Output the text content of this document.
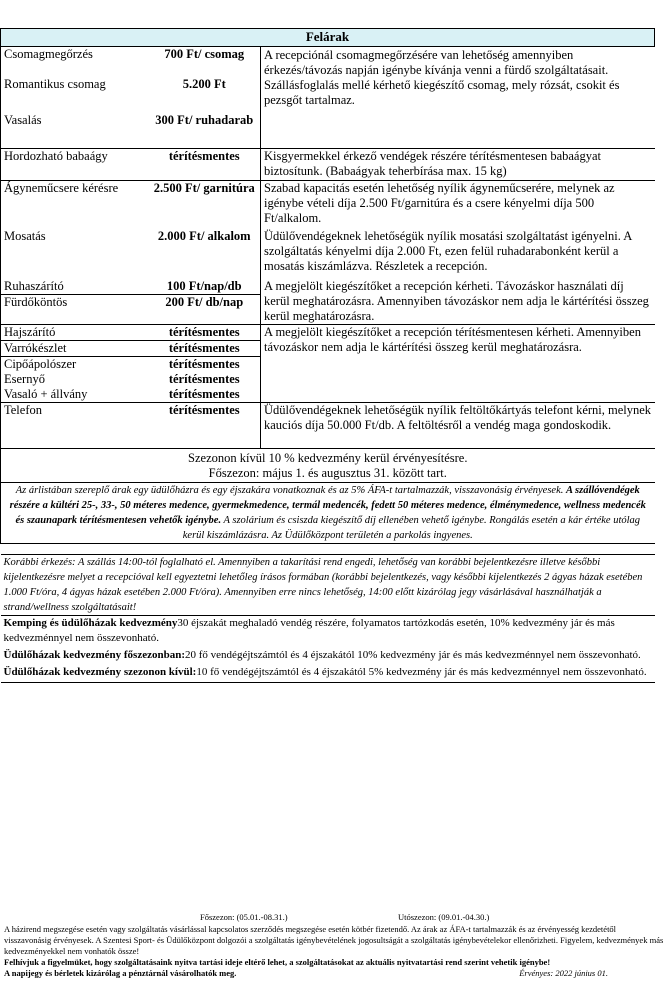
Felárak		
Csomagmegőrzés	700 Ft/ csomag	A recepciónál csomagmegőrzésére van lehetőség amennyiben érkezés/távozás napján igénybe kívánja venni a fürdő szolgáltatásait.
Szállásfoglalás mellé kérhető kiegészítő csomag, mely rózsát, csokit és pezsgőt tartalmaz.

Romantikus csomag	5.200 Ft	
Vasalás	300 Ft/ ruhadarab	
Hordozható babaágy	térítésmentes	Kisgyermekkel érkező vendégek részére térítésmentesen babaágyat biztosítunk. (Babaágyak teherbírása max. 15 kg)
Ágyneműcsere kérésre	2.500 Ft/ garnitúra	Szabad kapacitás esetén lehetőség nyílik ágyneműcserére, melynek az igénybe vételi díja 2.500 Ft/garnitúra és a csere kényelmi díja 500 Ft/alkalom.
Mosatás	2.000 Ft/ alkalom	Üdülővendégeknek lehetőségük nyílik mosatási szolgáltatást igényelni. A szolgáltatás kényelmi díja 2.000 Ft, ezen felül ruhadarabonként kerül a mosatás kiszámlázva. Részletek a recepción.
Ruhaszárító	100 Ft/nap/db	A megjelölt kiegészítőket a recepción kérheti. Távozáskor használati díj kerül meghatározásra. Amennyiben távozáskor nem adja le kártérítési összeg kerül meghatározásra.
Fürdőköntös	200 Ft/ db/nap	
Hajszárító	térítésmentes	A megjelölt kiegészítőket a recepción térítésmentesen kérheti. Amennyiben távozáskor nem adja le kártérítési összeg kerül meghatározásra.
Varrókészlet	térítésmentes	
Cipőápolószer	térítésmentes	
Esernyő	térítésmentes	
Vasaló + állvány	térítésmentes	
Telefon	térítésmentes	Üdülővendégeknek lehetőségük nyílik feltöltőkártyás telefont kérni, melynek kauciós díja 50.000 Ft/db. A feltöltésről a vendég maga gondoskodik.

Szezonon kívül 10 % kedvezmény kerül érvényesítésre.
Főszezon: május 1. és augusztus 31. között tart.		

Az árlistában szereplő árak egy üdülőházra és egy éjszakára vonatkoznak és az 5% ÁFA-t tartalmazzák, visszavonásig érvényesek. A szállóvendégek részére a kültéri 25-, 33-, 50 méteres medence, gyermekmedence, termál medencék, fedett 50 méteres medence, élménymedence, wellness medencék és szaunapark térítésmentesen vehetők igénybe. A szolárium és csiszda kiegészítő díj ellenében vehető igénybe. Rongálás esetén a kár értéke utólag kerül kiszámlázásra. Az Üdülőközpont területén a parkolás ingyenes.		

Korábbi érkezés: A szállás 14:00-tól foglalható el. Amennyiben a takarítási rend engedi, lehetőség van korábbi bejelentkezésre illetve későbbi kijelentkezésre melyet a recepcióval kell egyeztetni lehetőleg írásos formában (korábbi bejelentkezés, vagy későbbi kijelentkezés 2 ágyas házak esetében 1.000 Ft/óra, 4 ágyas házak esetében 2.000 Ft/óra). Amennyiben erre nincs lehetőség, 14:00 előtt kizárólag jegy vásárlásával használhatják a strand/wellness szolgáltatásait!		

Kemping és üdülőházak kedvezmény30 éjszakát meghaladó vendég részére, folyamatos tartózkodás esetén, 10% kedvezmény jár és más kedvezménnyel nem összevonható.

Üdülőházak kedvezmény főszezonban:20 fő vendégéjtszámtól és 4 éjszakától 10% kedvezmény jár és más kedvezménnyel nem összevonható.

Üdülőházak kedvezmény szezonon kívül:10 fő vendégéjtszámtól és 4 éjszakától 5% kedvezmény jár és más kedvezménnyel nem összevonható.		

Főszezon: (05.01.-08.31.)	Utószezon: (09.01.-04.30.)
A házirend megszegése esetén vagy szolgáltatás vásárlással kapcsolatos szerződés megszegése esetén kötbér fizetendő. Az árak az ÁFA-t tartalmazzák és az érvényesség kezdetétől visszavonásig érvényesek. A Szentesi Sport- és Üdülőközpont dolgozói a szolgáltatás igénybevételének jogosultságát a szolgáltatás igénybevételekor ellenőrizheti. Figyelem, kedvezmények más kedvezményekkel nem vonhatók össze!
Felhívjuk a figyelmüket, hogy szolgáltatásaink nyitva tartási ideje eltérő lehet, a szolgáltatásokat az aktuális nyitvatartási rend szerint vehetik igénybe!
A napijegy és bérletek kizárólag a pénztárnál vásárolhatók meg.	Érvényes: 2022 június 01.
